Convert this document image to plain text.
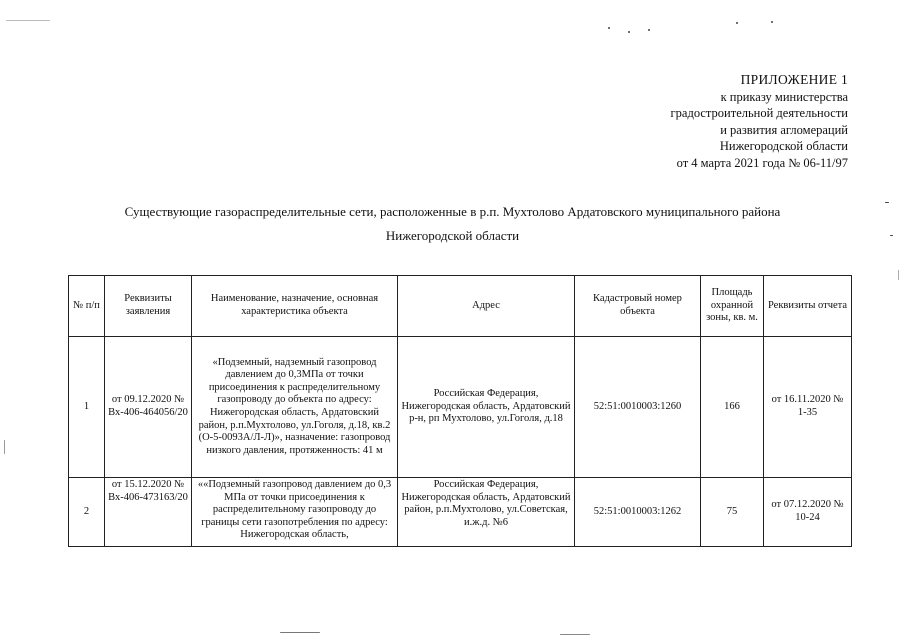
ПРИЛОЖЕНИЕ 1
к приказу министерства
градостроительной деятельности
и развития агломераций
Нижегородской области
от 4 марта 2021 года № 06-11/97
Существующие газораспределительные сети, расположенные в р.п. Мухтолово Ардатовского муниципального района
Нижегородской области
№ п/п	Реквизиты заявления	Наименование, назначение, основная характеристика объекта	Адрес	Кадастровый номер объекта	Площадь охранной зоны, кв. м.	Реквизиты отчета
1	от 09.12.2020 № Вх-406-464056/20	«Подземный, надземный газопровод давлением до 0,3МПа от точки присоединения к распределительному газопроводу до объекта по адресу: Нижегородская область, Ардатовский район, р.п.Мухтолово, ул.Гоголя, д.18, кв.2 (О-5-0093А/Л-Л)», назначение: газопровод низкого давления, протяженность: 41 м	Российская Федерация, Нижегородская область, Ардатовский р-н, рп Мухтолово, ул.Гоголя, д.18	52:51:0010003:1260	166	от 16.11.2020 № 1-35
2	от 15.12.2020 № Вх-406-473163/20	««Подземный газопровод давлением до 0,3 МПа от точки присоединения к распределительному газопроводу до границы сети газопотребления по адресу: Нижегородская область,	Российская Федерация, Нижегородская область, Ардатовский район, р.п.Мухтолово, ул.Советская, и.ж.д. №6	52:51:0010003:1262	75	от 07.12.2020 № 10-24
